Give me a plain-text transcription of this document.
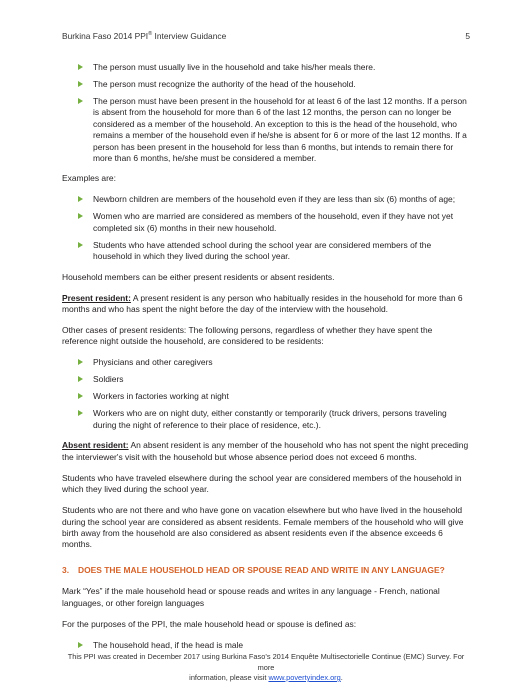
Burkina Faso 2014 PPI® Interview Guidance	5
The person must usually live in the household and take his/her meals there.
The person must recognize the authority of the head of the household.
The person must have been present in the household for at least 6 of the last 12 months. If a person is absent from the household for more than 6 of the last 12 months, the person can no longer be considered as a member of the household. An exception to this is the head of the household, who remains a member of the household even if he/she is absent for 6 or more of the last 12 months. If a person has been present in the household for less than 6 months, but intends to remain there for more than 6 months, he/she must be considered a member.

Examples are:

Newborn children are members of the household even if they are less than six (6) months of age;
Women who are married are considered as members of the household, even if they have not yet completed six (6) months in their new household.
Students who have attended school during the school year are considered members of the household in which they lived during the school year.

Household members can be either present residents or absent residents.

Present resident: A present resident is any person who habitually resides in the household for more than 6 months and who has spent the night before the day of the interview with the household.

Other cases of present residents: The following persons, regardless of whether they have spent the reference night outside the household, are considered to be residents:

Physicians and other caregivers
Soldiers
Workers in factories working at night
Workers who are on night duty, either constantly or temporarily (truck drivers, persons traveling during the night of reference to their place of residence, etc.).

Absent resident: An absent resident is any member of the household who has not spent the night preceding the interviewer's visit with the household but whose absence period does not exceed 6 months.

Students who have traveled elsewhere during the school year are considered members of the household in which they lived during the school year.

Students who are not there and who have gone on vacation elsewhere but who have lived in the household during the school year are considered as absent residents. Female members of the household who will give birth away from the household are also considered as absent residents even if the absence exceeds 6 months.

3. DOES THE MALE HOUSEHOLD HEAD OR SPOUSE READ AND WRITE IN ANY LANGUAGE?

Mark “Yes” if the male household head or spouse reads and writes in any language - French, national languages, or other foreign languages

For the purposes of the PPI, the male household head or spouse is defined as:

The household head, if the head is male
This PPI was created in December 2017 using Burkina Faso’s 2014 Enquête Multisectorielle Continue (EMC) Survey. For more
information, please visit www.povertyindex.org.
